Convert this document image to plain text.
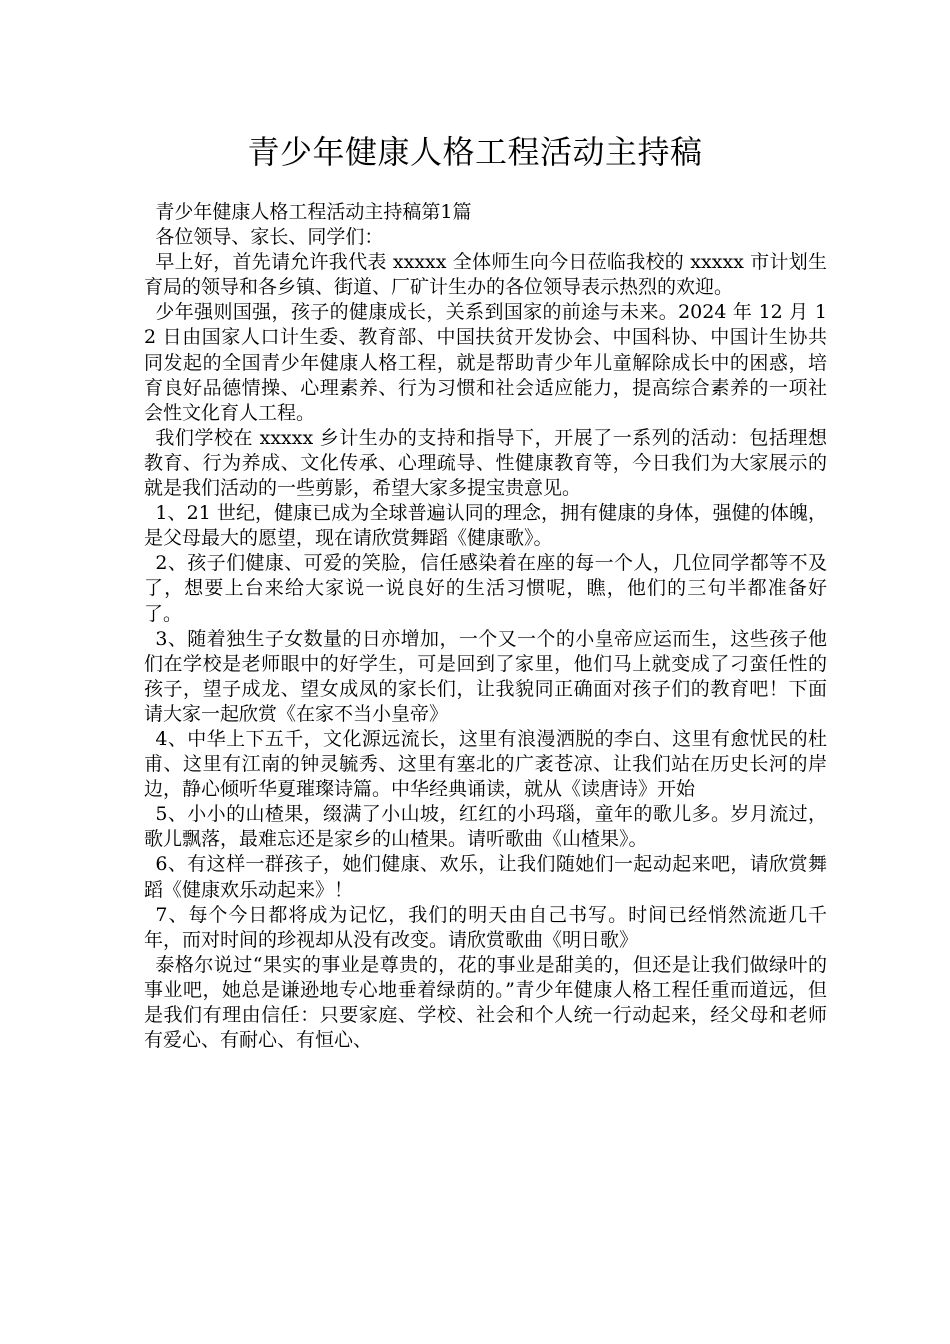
青少年健康人格工程活动主持稿

青少年健康人格工程活动主持稿第1篇

各位领导、家长、同学们：

早上好，首先请允许我代表 xxxxx 全体师生向今日莅临我校的 xxxxx 市计划生育局的领导和各乡镇、街道、厂矿计生办的各位领导表示热烈的欢迎。

少年强则国强，孩子的健康成长，关系到国家的前途与未来。2024 年 12 月 12 日由国家人口计生委、教育部、中国扶贫开发协会、中国科协、中国计生协共同发起的全国青少年健康人格工程，就是帮助青少年儿童解除成长中的困惑，培育良好品德情操、心理素养、行为习惯和社会适应能力，提高综合素养的一项社会性文化育人工程。

我们学校在 xxxxx 乡计生办的支持和指导下，开展了一系列的活动：包括理想教育、行为养成、文化传承、心理疏导、性健康教育等，今日我们为大家展示的就是我们活动的一些剪影，希望大家多提宝贵意见。

1、21 世纪，健康已成为全球普遍认同的理念，拥有健康的身体，强健的体魄，是父母最大的愿望，现在请欣赏舞蹈《健康歌》。

2、孩子们健康、可爱的笑脸，信任感染着在座的每一个人，几位同学都等不及了，想要上台来给大家说一说良好的生活习惯呢，瞧，他们的三句半都准备好了。

3、随着独生子女数量的日亦增加，一个又一个的小皇帝应运而生，这些孩子他们在学校是老师眼中的好学生，可是回到了家里，他们马上就变成了刁蛮任性的孩子，望子成龙、望女成凤的家长们，让我貌同正确面对孩子们的教育吧！下面请大家一起欣赏《在家不当小皇帝》

4、中华上下五千，文化源远流长，这里有浪漫洒脱的李白、这里有愈忧民的杜甫、这里有江南的钟灵毓秀、这里有塞北的广袤苍凉、让我们站在历史长河的岸边，静心倾听华夏璀璨诗篇。中华经典诵读，就从《读唐诗》开始

5、小小的山楂果，缀满了小山坡，红红的小玛瑙，童年的歌儿多。岁月流过，歌儿飘落，最难忘还是家乡的山楂果。请听歌曲《山楂果》。

6、有这样一群孩子，她们健康、欢乐，让我们随她们一起动起来吧，请欣赏舞蹈《健康欢乐动起来》！

7、每个今日都将成为记忆，我们的明天由自己书写。时间已经悄然流逝几千年，而对时间的珍视却从没有改变。请欣赏歌曲《明日歌》

泰格尔说过“果实的事业是尊贵的，花的事业是甜美的，但还是让我们做绿叶的事业吧，她总是谦逊地专心地垂着绿荫的。”青少年健康人格工程任重而道远，但是我们有理由信任：只要家庭、学校、社会和个人统一行动起来，经父母和老师有爱心、有耐心、有恒心、
